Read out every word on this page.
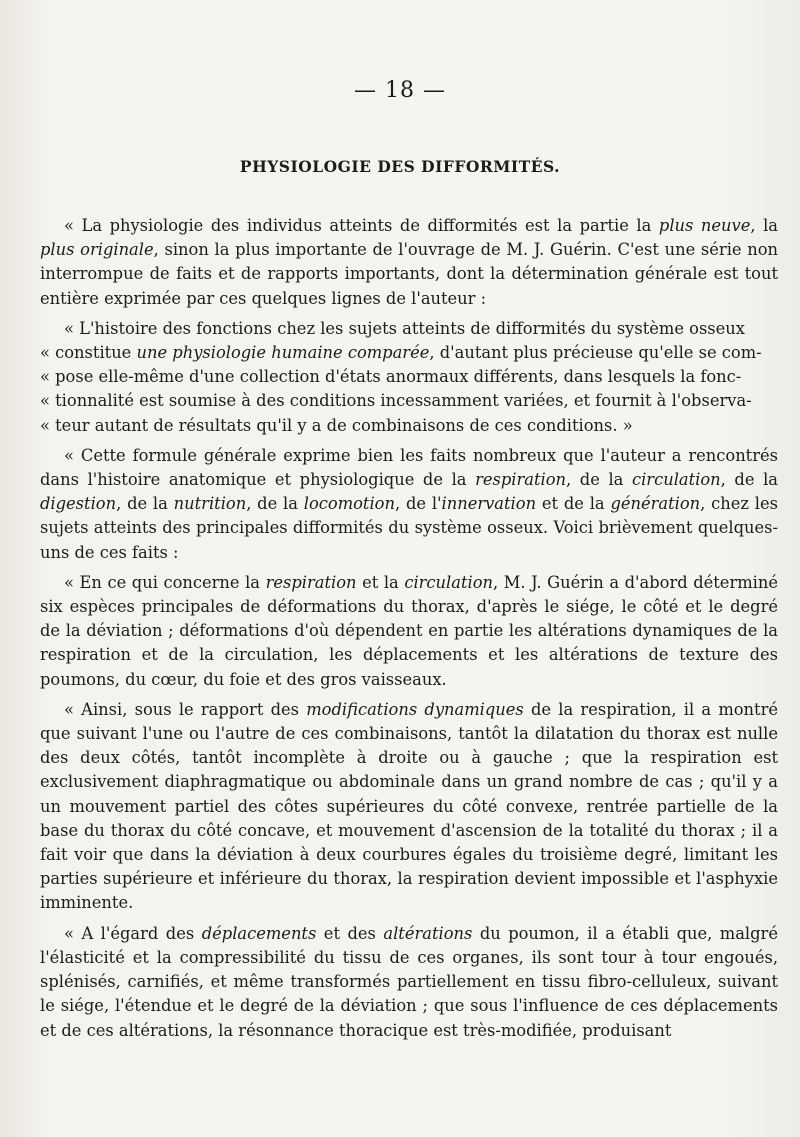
— 18 —
PHYSIOLOGIE DES DIFFORMITÉS.

« La physiologie des individus atteints de difformités est la partie la plus neuve, la plus originale, sinon la plus importante de l'ouvrage de M. J. Guérin. C'est une série non interrompue de faits et de rapports importants, dont la détermination générale est tout entière exprimée par ces quelques lignes de l'auteur :

« L'histoire des fonctions chez les sujets atteints de difformités du système osseux

« constitue une physiologie humaine comparée, d'autant plus précieuse qu'elle se com-

« pose elle-même d'une collection d'états anormaux différents, dans lesquels la fonc-

« tionnalité est soumise à des conditions incessamment variées, et fournit à l'observa-

« teur autant de résultats qu'il y a de combinaisons de ces conditions. »

« Cette formule générale exprime bien les faits nombreux que l'auteur a rencontrés dans l'histoire anatomique et physiologique de la respiration, de la circulation, de la digestion, de la nutrition, de la locomotion, de l'innervation et de la génération, chez les sujets atteints des principales difformités du système osseux. Voici brièvement quelques-uns de ces faits :

« En ce qui concerne la respiration et la circulation, M. J. Guérin a d'abord déterminé six espèces principales de déformations du thorax, d'après le siége, le côté et le degré de la déviation ; déformations d'où dépendent en partie les altérations dynamiques de la respiration et de la circulation, les déplacements et les altérations de texture des poumons, du cœur, du foie et des gros vaisseaux.

« Ainsi, sous le rapport des modifications dynamiques de la respiration, il a montré que suivant l'une ou l'autre de ces combinaisons, tantôt la dilatation du thorax est nulle des deux côtés, tantôt incomplète à droite ou à gauche ; que la respiration est exclusivement diaphragmatique ou abdominale dans un grand nombre de cas ; qu'il y a un mouvement partiel des côtes supérieures du côté convexe, rentrée partielle de la base du thorax du côté concave, et mouvement d'ascension de la totalité du thorax ; il a fait voir que dans la déviation à deux courbures égales du troisième degré, limitant les parties supérieure et inférieure du thorax, la respiration devient impossible et l'asphyxie imminente.

« A l'égard des déplacements et des altérations du poumon, il a établi que, malgré l'élasticité et la compressibilité du tissu de ces organes, ils sont tour à tour engoués, splénisés, carnifiés, et même transformés partiellement en tissu fibro-celluleux, suivant le siége, l'étendue et le degré de la déviation ; que sous l'influence de ces déplacements et de ces altérations, la résonnance thoracique est très-modifiée, produisant
